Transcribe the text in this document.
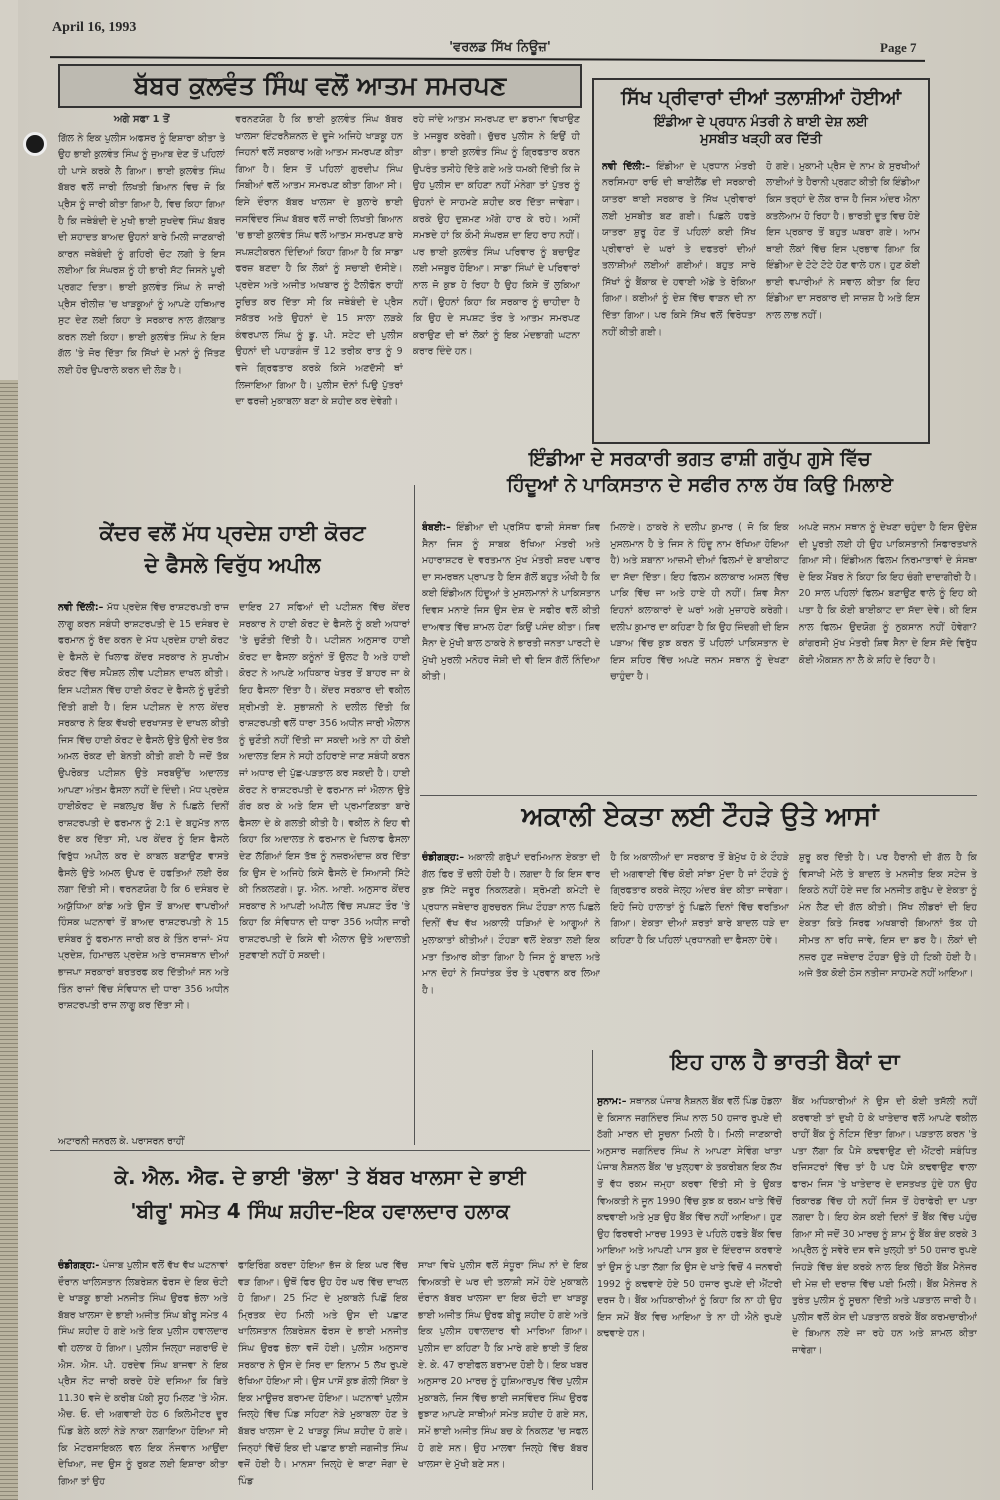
April 16, 1993
'ਵਰਲਡ ਸਿੱਖ ਨਿਊਜ਼'	Page 7
ਬੱਬਰ ਕੁਲਵੰਤ ਸਿੰਘ ਵਲੋਂ ਆਤਮ ਸਮਰਪਣ
ਅਗੇ ਸਫਾ 1 ਤੋਂ
ਗਿੱਲ ਨੇ ਇਕ ਪੁਲੀਸ ਅਫਸਰ ਨੂੰ ਇਸ਼ਾਰਾ ਕੀਤਾ ਤੇ ਉਹ ਭਾਈ ਕੁਲਵੰਤ ਸਿੰਘ ਨੂੰ ਜੁਆਬ ਦੇਣ ਤੋਂ ਪਹਿਲਾਂ ਹੀ ਪਾਸੇ ਕਰਕੇ ਲੈ ਗਿਆ। ਭਾਈ ਕੁਲਵੰਤ ਸਿੰਘ ਬੱਬਰ ਵਲੋਂ ਜਾਰੀ ਲਿਖਤੀ ਬਿਆਨ ਵਿਚ ਜੋ ਕਿ ਪ੍ਰੈਸ ਨੂੰ ਜਾਰੀ ਕੀਤਾ ਗਿਆ ਹੈ, ਵਿਚ ਕਿਹਾ ਗਿਆ ਹੈ ਕਿ ਜਥੇਬੰਦੀ ਦੇ ਮੁਖੀ ਭਾਈ ਸੁਖਦੇਵ ਸਿੰਘ ਬੱਬਰ ਦੀ ਸ਼ਹਾਦਤ ਬਾਅਦ ਉਹਨਾਂ ਬਾਰੇ ਮਿਲੀ ਜਾਣਕਾਰੀ ਕਾਰਨ ਜਥੇਬੰਦੀ ਨੂੰ ਗਹਿਰੀ ਚੋਟ ਲਗੀ ਤੇ ਇਸ ਲਈਆ ਕਿ ਸੰਘਰਸ਼ ਨੂੰ ਹੀ ਭਾਰੀ ਸੱਟ ਜਿਸਨੇ ਪੂਰੀ ਪ੍ਰਗਟ ਦਿਤਾ। ਭਾਈ ਕੁਲਵੰਤ ਸਿੰਘ ਨੇ ਜਾਰੀ ਪ੍ਰੈਸ ਰੀਲੀਜ਼ 'ਚ ਖਾੜਕੂਆਂ ਨੂੰ ਆਪਣੇ ਹਥਿਆਰ ਸੁਟ ਦੇਣ ਲਈ ਕਿਹਾ ਤੇ ਸਰਕਾਰ ਨਾਲ ਗੱਲਬਾਤ ਕਰਨ ਲਈ ਕਿਹਾ। ਭਾਈ ਕੁਲਵੰਤ ਸਿੰਘ ਨੇ ਇਸ ਗੱਲ 'ਤੇ ਜੋਰ ਦਿੱਤਾ ਕਿ ਸਿੱਖਾਂ ਦੇ ਮਨਾਂ ਨੂੰ ਜਿੱਤਣ ਲਈ ਹੋਰ ਉਪਰਾਲੇ ਕਰਨ ਦੀ ਲੋੜ ਹੈ।
ਵਰਨਣਯੋਗ ਹੈ ਕਿ ਭਾਈ ਕੁਲਵੰਤ ਸਿੰਘ ਬੱਬਰ ਖਾਲਸਾ ਇੰਟਰਨੈਸ਼ਨਲ ਦੇ ਦੂਜੇ ਅਜਿਹੇ ਖਾੜਕੂ ਹਨ ਜਿਹਨਾਂ ਵਲੋਂ ਸਰਕਾਰ ਅਗੇ ਆਤਮ ਸਮਰਪਣ ਕੀਤਾ ਗਿਆ ਹੈ। ਇਸ ਤੋਂ ਪਹਿਲਾਂ ਗੁਰਦੀਪ ਸਿੰਘ ਸਿਬੀਆਂ ਵਲੋਂ ਆਤਮ ਸਮਰਪਣ ਕੀਤਾ ਗਿਆ ਸੀ। ਇਸੇ ਦੌਰਾਨ ਬੱਬਰ ਖਾਲਸਾ ਦੇ ਬੁਲਾਰੇ ਭਾਈ ਜਸਵਿੰਦਰ ਸਿੰਘ ਬੱਬਰ ਵਲੋਂ ਜਾਰੀ ਲਿਖਤੀ ਬਿਆਨ 'ਚ ਭਾਈ ਕੁਲਵੰਤ ਸਿੰਘ ਵਲੋਂ ਆਤਮ ਸਮਰਪਣ ਬਾਰੇ ਸਪਸ਼ਟੀਕਰਨ ਦਿੰਦਿਆਂ ਕਿਹਾ ਗਿਆ ਹੈ ਕਿ ਸਾਡਾ ਫਰਜ਼ ਬਣਦਾ ਹੈ ਕਿ ਲੋਕਾਂ ਨੂੰ ਸਚਾਈ ਦੱਸੀਏ। ਪ੍ਰਦੇਸ ਅਤੇ ਅਜੀਤ ਅਖਬਾਰ ਨੂੰ ਟੈਲੀਫੋਨ ਰਾਹੀਂ ਸੂਚਿਤ ਕਰ ਦਿੱਤਾ ਸੀ ਕਿ ਜਥੇਬੰਦੀ ਦੇ ਪ੍ਰੈਸ ਸਕੱਤਰ ਅਤੇ ਉਹਨਾਂ ਦੇ 15 ਸਾਲਾ ਲੜਕੇ ਕੰਵਰਪਾਲ ਸਿੰਘ ਨੂੰ ਡੂ. ਪੀ. ਸਟੇਟ ਦੀ ਪੁਲੀਸ ਉਹਨਾਂ ਦੀ ਪਹਾੜਗੰਜ ਤੋਂ 12 ਤਰੀਕ ਰਾਤ ਨੂੰ 9 ਵਜੇ ਗ੍ਰਿਫਤਾਰ ਕਰਕੇ ਕਿਸੇ ਅਣਦੱਸੀ ਥਾਂ ਲਿਜਾਇਆ ਗਿਆ ਹੈ। ਪੁਲੀਸ ਦੋਨਾਂ ਪਿਉ ਪੁੱਤਰਾਂ ਦਾ ਫਰਜ਼ੀ ਮੁਕਾਬਲਾ ਬਣਾ ਕੇ ਸ਼ਹੀਦ ਕਰ ਦੇਵੇਗੀ।
ਰਹੇ ਜਾਂਦੇ ਆਤਮ ਸਮਰਪਣ ਦਾ ਡਰਾਮਾ ਵਿਖਾਉਣ ਤੇ ਮਜਬੂਰ ਕਰੇਗੀ। ਚੁੱਚਰ ਪੁਲੀਸ ਨੇ ਇਉਂ ਹੀ ਕੀਤਾ। ਭਾਈ ਕੁਲਵੰਤ ਸਿੰਘ ਨੂੰ ਗ੍ਰਿਫਤਾਰ ਕਰਨ ਉਪਰੰਤ ਤਸੀਹੇ ਦਿੱਤੇ ਗਏ ਅਤੇ ਧਮਕੀ ਦਿੱਤੀ ਕਿ ਜੇ ਉਹ ਪੁਲੀਸ ਦਾ ਕਹਿਣਾ ਨਹੀਂ ਮੰਨੇਗਾ ਤਾਂ ਪੁੱਤਰ ਨੂੰ ਉਹਨਾਂ ਦੇ ਸਾਹਮਣੇ ਸ਼ਹੀਦ ਕਰ ਦਿੱਤਾ ਜਾਵੇਗਾ। ਕਰਕੇ ਉਹ ਦੁਸ਼ਮਣ ਅੱਗੇ ਹਾਰ ਕੇ ਰਹੇ। ਅਸੀਂ ਸਮਝਦੇ ਹਾਂ ਕਿ ਕੌਮੀ ਸੰਘਰਸ਼ ਦਾ ਇਹ ਰਾਹ ਨਹੀਂ। ਪਰ ਭਾਈ ਕੁਲਵੰਤ ਸਿੰਘ ਪਰਿਵਾਰ ਨੂੰ ਬਚਾਉਣ ਲਈ ਮਜਬੂਰ ਹੋਇਆ। ਸਾਡਾ ਸਿੰਘਾਂ ਦੇ ਪਰਿਵਾਰਾਂ ਨਾਲ ਜੋ ਕੁਝ ਹੋ ਰਿਹਾ ਹੈ ਉਹ ਕਿਸੇ ਤੋਂ ਲੁਕਿਆ ਨਹੀਂ। ਉਹਨਾਂ ਕਿਹਾ ਕਿ ਸਰਕਾਰ ਨੂੰ ਚਾਹੀਦਾ ਹੈ ਕਿ ਉਹ ਦੇ ਸਪਸ਼ਟ ਤੌਰ ਤੇ ਆਤਮ ਸਮਰਪਣ ਕਰਾਉਣ ਦੀ ਥਾਂ ਲੋਕਾਂ ਨੂੰ ਇਕ ਮੰਦਭਾਗੀ ਘਟਨਾ ਕਰਾਰ ਦਿੰਦੇ ਹਨ।
ਸਿੱਖ ਪ੍ਰੀਵਾਰਾਂ ਦੀਆਂ ਤਲਾਸ਼ੀਆਂ ਹੋਈਆਂ
ਇੰਡੀਆ ਦੇ ਪ੍ਰਧਾਨ ਮੰਤਰੀ ਨੇ ਥਾਈ ਦੇਸ਼ ਲਈ
ਮੁਸਬੀਤ ਖੜ੍ਹੀ ਕਰ ਦਿੱਤੀ
ਨਵੀ ਦਿੱਲੀ:– ਇੰਡੀਆ ਦੇ ਪ੍ਰਧਾਨ ਮੰਤਰੀ ਨਰਸਿਮਹਾ ਰਾਓ ਦੀ ਥਾਈਲੈਂਡ ਦੀ ਸਰਕਾਰੀ ਯਾਤਰਾ ਥਾਈ ਸਰਕਾਰ ਤੇ ਸਿੱਖ ਪ੍ਰੀਵਾਰਾਂ ਲਈ ਮੁਸਬੀਤ ਬਣ ਗਈ। ਪਿਛਲੇ ਹਫਤੇ ਯਾਤਰਾ ਸ਼ੁਰੂ ਹੋਣ ਤੋਂ ਪਹਿਲਾਂ ਕਈ ਸਿੱਖ ਪ੍ਰੀਵਾਰਾਂ ਦੇ ਘਰਾਂ ਤੇ ਦਫਤਰਾਂ ਦੀਆਂ ਤਲਾਸ਼ੀਆਂ ਲਈਆਂ ਗਈਆਂ। ਬਹੁਤ ਸਾਰੇ ਸਿੱਖਾਂ ਨੂੰ ਬੈਂਕਾਕ ਦੇ ਹਵਾਈ ਅੱਡੇ ਤੇ ਰੋਕਿਆ ਗਿਆ। ਕਈਆਂ ਨੂੰ ਦੇਸ਼ ਵਿੱਚ ਵਾੜਨ ਦੀ ਨਾ ਦਿੱਤਾ ਗਿਆ। ਪਰ ਕਿਸੇ ਸਿੱਖ ਵਲੋਂ ਵਿਰੋਧਤਾ ਨਹੀਂ ਕੀਤੀ ਗਈ।
ਹੋ ਗਏ। ਮੁਕਾਮੀ ਪ੍ਰੈਸ ਦੇ ਨਾਮ ਕੇ ਸੁਰਖੀਆਂ ਲਾਈਆਂ ਤੇ ਹੈਰਾਨੀ ਪ੍ਰਗਟ ਕੀਤੀ ਕਿ ਇੰਡੀਆ ਕਿਸ ਤਰ੍ਹਾਂ ਦੇ ਲੋਕ ਰਾਜ ਹੈ ਜਿਸ ਅੰਦਰ ਐਨਾ ਕਤਲੇਆਮ ਹੋ ਰਿਹਾ ਹੈ। ਭਾਰਤੀ ਦੂਤ ਵਿਚ ਹੋਏ ਇਸ ਪ੍ਰਕਾਰ ਤੋਂ ਬਹੁਤ ਘਬਰਾ ਗਏ। ਆਮ ਥਾਈ ਲੋਕਾਂ ਵਿੱਚ ਇਸ ਪ੍ਰਭਾਵ ਗਿਆ ਕਿ ਇੰਡੀਆ ਦੇ ਟੋਟੇ ਟੋਟੇ ਹੋਣ ਵਾਲੇ ਹਨ। ਹੁਣ ਕੋਈ ਭਾਈ ਵਪਾਰੀਆਂ ਨੇ ਸਵਾਲ ਕੀਤਾ ਕਿ ਇਹ ਇੰਡੀਆ ਦਾ ਸਰਕਾਰ ਦੀ ਸਾਜ਼ਸ਼ ਹੈ ਅਤੇ ਇਸ ਨਾਲ ਲਾਭ ਨਹੀਂ।
ਇੰਡੀਆ ਦੇ ਸਰਕਾਰੀ ਭਗਤ ਫਾਸ਼ੀ ਗਰੁੱਪ ਗੁਸੇ ਵਿੱਚ
ਹਿੰਦੂਆਂ ਨੇ ਪਾਕਿਸਤਾਨ ਦੇ ਸਫੀਰ ਨਾਲ ਹੱਥ ਕਿਉ ਮਿਲਾਏ
ਬੰਬਈ:– ਇੰਡੀਆ ਦੀ ਪ੍ਰਸਿੱਧ ਫਾਸ਼ੀ ਸੰਸਥਾ ਸ਼ਿਵ ਸੈਨਾ ਜਿਸ ਨੂੰ ਸਾਬਕ ਰੱਖਿਆ ਮੰਤਰੀ ਅਤੇ ਮਹਾਰਾਸ਼ਟਰ ਦੇ ਵਰਤਮਾਨ ਮੁੱਖ ਮੰਤਰੀ ਸ਼ਰਦ ਪਵਾਰ ਦਾ ਸਮਰਥਨ ਪ੍ਰਾਪਤ ਹੈ ਇਸ ਗੱਲੋਂ ਬਹੁਤ ਔਖੀ ਹੈ ਕਿ ਕਈ ਇੰਡੀਅਨ ਹਿੰਦੂਆਂ ਤੇ ਮੁਸਲਮਾਨਾਂ ਨੇ ਪਾਕਿਸਤਾਨ ਦਿਵਸ ਮਨਾਏ ਜਿਸ ਉਸ ਦੇਸ਼ ਦੇ ਸਫੀਰ ਵਲੋਂ ਕੀਤੀ ਦਾਅਵਤ ਵਿੱਚ ਸ਼ਾਮਲ ਹੋਣਾ ਕਿਉਂ ਪਸੰਦ ਕੀਤਾ। ਸ਼ਿਵ ਸੈਨਾ ਦੇ ਮੁੱਖੀ ਬਾਲ ਠਾਕਰੇ ਨੇ ਭਾਰਤੀ ਜਨਤਾ ਪਾਰਟੀ ਦੇ ਮੁੱਖੀ ਮੁਰਲੀ ਮਨੋਹਰ ਜੋਸ਼ੀ ਦੀ ਵੀ ਇਸ ਗੱਲੋਂ ਨਿੰਦਿਆ ਕੀਤੀ।
ਮਿਲਾਏ। ਠਾਕਰੇ ਨੇ ਦਲੀਪ ਕੁਮਾਰ ( ਜੋ ਕਿ ਇਕ ਮੁਸਲਮਾਨ ਹੈ ਤੇ ਜਿਸ ਨੇ ਹਿੰਦੂ ਨਾਮ ਰੱਖਿਆ ਹੋਇਆ ਹੈ) ਅਤੇ ਸ਼ਬਾਨਾ ਆਜ਼ਮੀ ਦੀਆਂ ਫਿਲਮਾਂ ਦੇ ਬਾਈਕਾਟ ਦਾ ਸੱਦਾ ਦਿੱਤਾ। ਇਹ ਫਿਲਮ ਕਲਾਕਾਰ ਅਸਲ ਵਿੱਚ ਪਾਕਿ ਵਿੱਚ ਜਾ ਅਤੇ ਹਾਏ ਹੀ ਨਹੀਂ। ਸ਼ਿਵ ਸੈਨਾ ਇਹਨਾਂ ਕਲਾਕਾਰਾਂ ਦੇ ਘਰਾਂ ਅਗੇ ਮੁਜ਼ਾਹਰੇ ਕਰੇਗੀ। ਦਲੀਪ ਕੁਮਾਰ ਦਾ ਕਹਿਣਾ ਹੈ ਕਿ ਉਹ ਜਿੰਦਗੀ ਦੀ ਇਸ ਪੜਾਅ ਵਿੱਚ ਕੁਝ ਕਰਨ ਤੋਂ ਪਹਿਲਾਂ ਪਾਕਿਸਤਾਨ ਦੇ ਇਸ ਸ਼ਹਿਰ ਵਿੱਚ ਅਪਣੇ ਜਨਮ ਸਥਾਨ ਨੂੰ ਦੇਖਣਾ ਚਾਹੁੰਦਾ ਹੈ।
ਅਪਣੇ ਜਨਮ ਸਥਾਨ ਨੂੰ ਦੇਖਣਾ ਚਹੁੰਦਾ ਹੈ ਇਸ ਉਦੇਸ਼ ਦੀ ਪੂਰਤੀ ਲਈ ਹੀ ਉਹ ਪਾਕਿਸਤਾਨੀ ਸਿਫਾਰਤਖਾਨੇ ਗਿਆ ਸੀ। ਇੰਡੀਅਨ ਫਿਲਮ ਨਿਰਮਾਤਾਵਾਂ ਦੇ ਸੰਸਥਾ ਦੇ ਇਕ ਮੈਂਬਰ ਨੇ ਕਿਹਾ ਕਿ ਇਹ ਚੰਗੀ ਦਾਦਾਗੀਰੀ ਹੈ। 20 ਸਾਲ ਪਹਿਲਾਂ ਫਿਲਮ ਬਣਾਉਣ ਵਾਲੇ ਨੂੰ ਇਹ ਕੀ ਪਤਾ ਹੈ ਕਿ ਕੋਈ ਬਾਈਕਾਟ ਦਾ ਸੱਦਾ ਦੇਵੇ। ਕੀ ਇਸ ਨਾਲ ਫਿਲਮ ਉਦਯੋਗ ਨੂੰ ਨੁਕਸਾਨ ਨਹੀਂ ਹੋਵੇਗਾ? ਕਾਂਗਰਸੀ ਮੁੱਖ ਮੰਤਰੀ ਸ਼ਿਵ ਸੈਨਾ ਦੇ ਇਸ ਸੱਦੇ ਵਿਰੁੱਧ ਕੋਈ ਐਕਸ਼ਨ ਨਾ ਲੈ ਕੇ ਸ਼ਹਿ ਦੇ ਰਿਹਾ ਹੈ।
ਕੇਂਦਰ ਵਲੋਂ ਮੱਧ ਪ੍ਰਦੇਸ਼ ਹਾਈ ਕੋਰਟ
ਦੇ ਫੈਸਲੇ ਵਿਰੁੱਧ ਅਪੀਲ
ਨਵੀ ਦਿੱਲੀ:– ਮੱਧ ਪ੍ਰਦੇਸ਼ ਵਿੱਚ ਰਾਸ਼ਟਰਪਤੀ ਰਾਜ ਲਾਗੂ ਕਰਨ ਸਬੰਧੀ ਰਾਸ਼ਟਰਪਤੀ ਦੇ 15 ਦਸੰਬਰ ਦੇ ਫਰਮਾਨ ਨੂੰ ਰੱਦ ਕਰਨ ਦੇ ਮੱਧ ਪ੍ਰਦੇਸ਼ ਹਾਈ ਕੋਰਟ ਦੇ ਫੈਸਲੇ ਦੇ ਖਿਲਾਫ ਕੇਂਦਰ ਸਰਕਾਰ ਨੇ ਸੁਪਰੀਮ ਕੋਰਟ ਵਿੱਚ ਸਪੈਸ਼ਲ ਲੀਵ ਪਟੀਸ਼ਨ ਦਾਖਲ ਕੀਤੀ। ਇਸ ਪਟੀਸ਼ਨ ਵਿੱਚ ਹਾਈ ਕੋਰਟ ਦੇ ਫੈਸਲੇ ਨੂੰ ਚੁਣੌਤੀ ਦਿੱਤੀ ਗਈ ਹੈ। ਇਸ ਪਟੀਸ਼ਨ ਦੇ ਨਾਲ ਕੇਂਦਰ ਸਰਕਾਰ ਨੇ ਇਕ ਵੱਖਰੀ ਦਰਖਾਸਤ ਦੇ ਦਾਖਲ ਕੀਤੀ ਜਿਸ ਵਿੱਚ ਹਾਈ ਕੋਰਟ ਦੇ ਫੈਸਲੇ ਉਤੇ ਉਨੀ ਦੇਰ ਤੱਕ ਅਮਲ ਰੋਕਣ ਦੀ ਬੇਨਤੀ ਕੀਤੀ ਗਈ ਹੈ ਜਦੋਂ ਤੱਕ ਉਪਰੋਕਤ ਪਟੀਸ਼ਨ ਉਤੇ ਸਰਬਉੱਚ ਅਦਾਲਤ ਆਪਣਾ ਅੰਤਮ ਫੈਸਲਾ ਨਹੀਂ ਦੇ ਦਿੰਦੀ। ਮੱਧ ਪ੍ਰਦੇਸ਼ ਹਾਈਕੋਰਟ ਦੇ ਜਬਲਪੁਰ ਬੈਂਚ ਨੇ ਪਿਛਲੇ ਦਿਨੀਂ ਰਾਸ਼ਟਰਪਤੀ ਦੇ ਫਰਮਾਨ ਨੂੰ 2:1 ਦੇ ਬਹੁਮੱਤ ਨਾਲ ਰੱਦ ਕਰ ਦਿੱਤਾ ਸੀ, ਪਰ ਕੇਂਦਰ ਨੂੰ ਇਸ ਫੈਸਲੇ ਵਿਰੁੱਧ ਅਪੀਲ ਕਰ ਦੇ ਕਾਬਲ ਬਣਾਉਣ ਵਾਸਤੇ ਫੈਸਲੇ ਉਤੇ ਅਮਲ ਉਪਰ ਦੋ ਹਫਤਿਆਂ ਲਈ ਰੋਕ ਲਗਾ ਦਿੱਤੀ ਸੀ। ਵਰਨਣਯੋਗ ਹੈ ਕਿ 6 ਦਸੰਬਰ ਦੇ ਅਯੁੱਧਿਆ ਕਾਂਡ ਅਤੇ ਉਸ ਤੋਂ ਬਾਅਦ ਵਾਪਰੀਆਂ ਹਿੰਸਕ ਘਟਨਾਵਾਂ ਤੋਂ ਬਾਅਦ ਰਾਸ਼ਟਰਪਤੀ ਨੇ 15 ਦਸੰਬਰ ਨੂੰ ਫਰਮਾਨ ਜਾਰੀ ਕਰ ਕੇ ਤਿੰਨ ਰਾਜਾਂ- ਮੱਧ ਪ੍ਰਦੇਸ਼, ਹਿਮਾਚਲ ਪ੍ਰਦੇਸ਼ ਅਤੇ ਰਾਜਸਥਾਨ ਦੀਆਂ ਭਾਜਪਾ ਸਰਕਾਰਾਂ ਬਰਤਰਫ ਕਰ ਦਿੱਤੀਆਂ ਸਨ ਅਤੇ ਤਿੰਨ ਰਾਜਾਂ ਵਿੱਚ ਸੰਵਿਧਾਨ ਦੀ ਧਾਰਾ 356 ਅਧੀਨ ਰਾਸ਼ਟਰਪਤੀ ਰਾਜ ਲਾਗੂ ਕਰ ਦਿੱਤਾ ਸੀ।
ਦਾਇਰ 27 ਸਫਿਆਂ ਦੀ ਪਟੀਸ਼ਨ ਵਿੱਚ ਕੇਂਦਰ ਸਰਕਾਰ ਨੇ ਹਾਈ ਕੋਰਟ ਦੇ ਫੈਸਲੇ ਨੂੰ ਕਈ ਅਧਾਰਾਂ 'ਤੇ ਚੁਣੌਤੀ ਦਿੱਤੀ ਹੈ। ਪਟੀਸ਼ਨ ਅਨੁਸਾਰ ਹਾਈ ਕੋਰਟ ਦਾ ਫੈਸਲਾ ਕਨੂੰਨਾਂ ਤੋਂ ਉਲਟ ਹੈ ਅਤੇ ਹਾਈ ਕੋਰਟ ਨੇ ਆਪਣੇ ਅਧਿਕਾਰ ਖੇਤਰ ਤੋਂ ਬਾਹਰ ਜਾ ਕੇ ਇਹ ਫੈਸਲਾ ਦਿੱਤਾ ਹੈ। ਕੇਂਦਰ ਸਰਕਾਰ ਦੀ ਵਕੀਲ ਸ਼੍ਰੀਮਤੀ ਏ. ਸੁਭਾਸ਼ਨੀ ਨੇ ਦਲੀਲ ਦਿੱਤੀ ਕਿ ਰਾਸ਼ਟਰਪਤੀ ਵਲੋਂ ਧਾਰਾ 356 ਅਧੀਨ ਜਾਰੀ ਐਲਾਨ ਨੂੰ ਚੁਣੌਤੀ ਨਹੀਂ ਦਿੱਤੀ ਜਾ ਸਕਦੀ ਅਤੇ ਨਾ ਹੀ ਕੋਈ ਅਦਾਲਤ ਇਸ ਨੇ ਸਹੀ ਠਹਿਰਾਏ ਜਾਣ ਸਬੰਧੀ ਕਰਨ ਜਾਂ ਅਧਾਰ ਦੀ ਪੁੱਛ-ਪੜਤਾਲ ਕਰ ਸਕਦੀ ਹੈ। ਹਾਈ ਕੋਰਟ ਨੇ ਰਾਸ਼ਟਰਪਤੀ ਦੇ ਫਰਮਾਨ ਜਾਂ ਐਲਾਨ ਉਤੇ ਗੌਰ ਕਰ ਕੇ ਅਤੇ ਇਸ ਦੀ ਪ੍ਰਮਾਣਿਕਤਾ ਬਾਰੇ ਫੈਸਲਾ ਦੇ ਕੇ ਗਲਤੀ ਕੀਤੀ ਹੈ। ਵਕੀਲ ਨੇ ਇਹ ਵੀ ਕਿਹਾ ਕਿ ਅਦਾਲਤ ਨੇ ਫਰਮਾਨ ਦੇ ਖਿਲਾਫ ਫੈਸਲਾ ਦੇਣ ਲੱਗਿਆਂ ਇਸ ਤੱਥ ਨੂੰ ਨਜ਼ਰਅੰਦਾਜ਼ ਕਰ ਦਿੱਤਾ ਕਿ ਉਸ ਦੇ ਅਜਿਹੇ ਕਿਸੇ ਫੈਸਲੇ ਦੇ ਸਿਆਸੀ ਸਿੱਟੇ ਕੀ ਨਿਕਲਣਗੇ। ਯੂ. ਐਨ. ਆਈ. ਅਨੁਸਾਰ ਕੇਂਦਰ ਸਰਕਾਰ ਨੇ ਆਪਣੀ ਅਪੀਲ ਵਿੱਚ ਸਪਸ਼ਟ ਤੌਰ 'ਤੇ ਕਿਹਾ ਕਿ ਸੰਵਿਧਾਨ ਦੀ ਧਾਰਾ 356 ਅਧੀਨ ਜਾਰੀ ਰਾਸ਼ਟਰਪਤੀ ਦੇ ਕਿਸੇ ਵੀ ਐਲਾਨ ਉਤੇ ਅਦਾਲਤੀ ਸੁਣਵਾਈ ਨਹੀਂ ਹੋ ਸਕਦੀ।
ਅਟਾਰਨੀ ਜਨਰਲ ਕੇ. ਪਰਾਸਰਨ ਰਾਹੀਂ
ਅਕਾਲੀ ਏਕਤਾ ਲਈ ਟੌਹੜੇ ਉਤੇ ਆਸਾਂ
ਚੰਡੀਗੜ੍ਹ:– ਅਕਾਲੀ ਗਰੁੱਪਾਂ ਦਰਮਿਆਨ ਏਕਤਾ ਦੀ ਗੱਲ ਫਿਰ ਤੋਂ ਚਲੀ ਹੋਈ ਹੈ। ਲਗਦਾ ਹੈ ਕਿ ਇਸ ਵਾਰ ਕੁਝ ਸਿੱਟੇ ਜਰੂਰ ਨਿਕਲਣਗੇ। ਸ਼੍ਰੋਮਣੀ ਕਮੇਟੀ ਦੇ ਪ੍ਰਧਾਨ ਜਥੇਦਾਰ ਗੁਰਚਰਨ ਸਿੰਘ ਟੌਹੜਾ ਨਾਲ ਪਿਛਲੇ ਦਿਨੀਂ ਵੱਖ ਵੱਖ ਅਕਾਲੀ ਧੜਿਆਂ ਦੇ ਆਗੂਆਂ ਨੇ ਮੁਲਾਕਾਤਾਂ ਕੀਤੀਆਂ। ਟੌਹੜਾ ਵਲੋਂ ਏਕਤਾ ਲਈ ਇਕ ਮਤਾ ਤਿਆਰ ਕੀਤਾ ਗਿਆ ਹੈ ਜਿਸ ਨੂੰ ਬਾਦਲ ਅਤੇ ਮਾਨ ਦੋਹਾਂ ਨੇ ਸਿਧਾਂਤਕ ਤੌਰ ਤੇ ਪ੍ਰਵਾਨ ਕਰ ਲਿਆ ਹੈ।
ਹੈ ਕਿ ਅਕਾਲੀਆਂ ਦਾ ਸਰਕਾਰ ਤੋਂ ਬੇਮੁੱਖ ਹੋ ਕੇ ਟੌਹੜੇ ਦੀ ਅਗਵਾਈ ਵਿੱਚ ਕੋਈ ਸਾਂਝਾ ਮੁੱਦਾ ਹੈ ਜਾਂ ਟੌਹੜੇ ਨੂੰ ਗ੍ਰਿਫਤਾਰ ਕਰਕੇ ਜੇਲ੍ਹ ਅੰਦਰ ਬੰਦ ਕੀਤਾ ਜਾਵੇਗਾ। ਇਹੋ ਜਿਹੇ ਹਾਲਾਤਾਂ ਨੂੰ ਪਿਛਲੇ ਦਿਨਾਂ ਵਿੱਚ ਵਰਤਿਆ ਗਿਆ। ਏਕਤਾ ਦੀਆਂ ਸ਼ਰਤਾਂ ਬਾਰੇ ਬਾਦਲ ਧੜੇ ਦਾ ਕਹਿਣਾ ਹੈ ਕਿ ਪਹਿਲਾਂ ਪ੍ਰਧਾਨਗੀ ਦਾ ਫੈਸਲਾ ਹੋਵੇ।
ਸ਼ੁਰੂ ਕਰ ਦਿੱਤੀ ਹੈ। ਪਰ ਹੈਰਾਨੀ ਦੀ ਗੱਲ ਹੈ ਕਿ ਵਿਸਾਖੀ ਮੇਲੇ ਤੇ ਬਾਦਲ ਤੇ ਮਨਜੀਤ ਇਕ ਸਟੇਜ ਤੇ ਇਕਠੇ ਨਹੀਂ ਹੋਏ ਜਦ ਕਿ ਮਨਜੀਤ ਗਰੁੱਪ ਦੇ ਏਕਤਾ ਨੂੰ ਮੰਨ ਲੈਣ ਦੀ ਗੱਲ ਕੀਤੀ। ਸਿੱਖ ਲੀਡਰਾਂ ਦੀ ਇਹ ਏਕਤਾ ਕਿਤੇ ਸਿਰਫ ਅਖਬਾਰੀ ਬਿਆਨਾਂ ਤੱਕ ਹੀ ਸੀਮਤ ਨਾ ਰਹਿ ਜਾਵੇ, ਇਸ ਦਾ ਡਰ ਹੈ। ਲੋਕਾਂ ਦੀ ਨਜ਼ਰ ਹੁਣ ਜਥੇਦਾਰ ਟੌਹੜਾ ਉਤੇ ਹੀ ਟਿਕੀ ਹੋਈ ਹੈ। ਅਜੇ ਤੱਕ ਕੋਈ ਠੋਸ ਨਤੀਜਾ ਸਾਹਮਣੇ ਨਹੀਂ ਆਇਆ।
ਇਹ ਹਾਲ ਹੈ ਭਾਰਤੀ ਬੈਕਾਂ ਦਾ
ਸੁਨਾਮ:– ਸਥਾਨਕ ਪੰਜਾਬ ਨੈਸ਼ਨਲ ਬੈਂਕ ਵਲੋਂ ਪਿੰਡ ਹੋਡਲਾ ਦੇ ਕਿਸਾਨ ਜਗਨਿੰਦਰ ਸਿੰਘ ਨਾਲ 50 ਹਜਾਰ ਰੁਪਏ ਦੀ ਠੱਗੀ ਮਾਰਨ ਦੀ ਸੂਚਨਾ ਮਿਲੀ ਹੈ। ਮਿਲੀ ਜਾਣਕਾਰੀ ਅਨੁਸਾਰ ਜਗਨਿੰਦਰ ਸਿੰਘ ਨੇ ਆਪਣਾ ਸੇਵਿੰਗ ਖਾਤਾ ਪੰਜਾਬ ਨੈਸ਼ਨਲ ਬੈਂਕ 'ਚ ਖੁਲ੍ਹਵਾ ਕੇ ਤਕਰੀਬਨ ਇਕ ਲੱਖ ਤੋਂ ਵੱਧ ਰਕਮ ਜਮ੍ਹਾ ਕਰਵਾ ਦਿੱਤੀ ਸੀ ਤੇ ਉਕਤ ਵਿਅਕਤੀ ਨੇ ਜੂਨ 1990 ਵਿੱਚ ਕੁਝ ਕ ਰਕਮ ਖਾਤੇ ਵਿੱਚੋਂ ਕਢਵਾਈ ਅਤੇ ਮੁੜ ਉਹ ਬੈਂਕ ਵਿੱਚ ਨਹੀਂ ਆਇਆ। ਹੁਣ ਉਹ ਫਿਰਵਰੀ ਮਾਰਚ 1993 ਦੇ ਪਹਿਲੇ ਹਫਤੇ ਬੈਂਕ ਵਿਚ ਆਇਆ ਅਤੇ ਆਪਣੀ ਪਾਸ ਬੁਕ ਦੇ ਇੰਦਰਾਜ ਕਰਵਾਏ ਤਾਂ ਉਸ ਨੂੰ ਪਤਾ ਲੱਗਾ ਕਿ ਉਸ ਦੇ ਖਾਤੇ ਵਿਚੋਂ 4 ਜਨਵਰੀ 1992 ਨੂੰ ਕਢਵਾਏ ਹੋਏ 50 ਹਜਾਰ ਰੁਪਏ ਦੀ ਐਂਟਰੀ ਦਰਜ ਹੈ। ਬੈਂਕ ਅਧਿਕਾਰੀਆਂ ਨੂੰ ਕਿਹਾ ਕਿ ਨਾ ਹੀ ਉਹ ਇਸ ਸਮੇਂ ਬੈਂਕ ਵਿਚ ਆਇਆ ਤੇ ਨਾ ਹੀ ਐਨੇ ਰੁਪਏ ਕਢਵਾਏ ਹਨ।
ਬੈਂਕ ਅਧਿਕਾਰੀਆਂ ਨੇ ਉਸ ਦੀ ਕੋਈ ਤਸੱਲੀ ਨਹੀਂ ਕਰਵਾਈ ਤਾਂ ਦੁਖੀ ਹੋ ਕੇ ਖਾਤੇਦਾਰ ਵਲੋਂ ਆਪਣੇ ਵਕੀਲ ਰਾਹੀਂ ਬੈਂਕ ਨੂੰ ਨੋਟਿਸ ਦਿੱਤਾ ਗਿਆ। ਪੜਤਾਲ ਕਰਨ 'ਤੇ ਪਤਾ ਲੱਗਾ ਕਿ ਪੈਸੇ ਕਢਵਾਉਣ ਦੀ ਐਂਟਰੀ ਸਬੰਧਿਤ ਰਜਿਸਟਰਾਂ ਵਿੱਚ ਤਾਂ ਹੈ ਪਰ ਪੈਸੇ ਕਢਵਾਉਣ ਵਾਲਾ ਫਾਰਮ ਜਿਸ 'ਤੇ ਖਾਤੇਦਾਰ ਦੇ ਦਸਤਖਤ ਹੁੰਦੇ ਹਨ ਉਹ ਰਿਕਾਰਡ ਵਿੱਚ ਹੀ ਨਹੀਂ ਜਿਸ ਤੋਂ ਹੇਰਾਫੇਰੀ ਦਾ ਪਤਾ ਲਗਦਾ ਹੈ। ਇਹ ਕੇਸ ਕਈ ਦਿਨਾਂ ਤੋਂ ਬੈਂਕ ਵਿੱਚ ਪਹੁੰਚ ਗਿਆ ਸੀ ਜਦੋਂ 30 ਮਾਰਚ ਨੂੰ ਸ਼ਾਮ ਨੂੰ ਬੈਂਕ ਬੰਦ ਕਰਕੇ 3 ਅਪ੍ਰੈਲ ਨੂੰ ਸਵੇਰੇ ਦਸ ਵਜੇ ਖੁਲ੍ਹੀ ਤਾਂ 50 ਹਜਾਰ ਰੁਪਏ ਜਿਹੜੇ ਵਿੱਚ ਬੰਦ ਕਰਕੇ ਨਾਲ ਇਕ ਚਿੱਠੀ ਬੈਂਕ ਮੈਨੇਜਰ ਦੀ ਮੇਜ਼ ਦੀ ਦਰਾਜ਼ ਵਿੱਚ ਪਈ ਮਿਲੀ। ਬੈਂਕ ਮੈਨੇਜਰ ਨੇ ਤੁਰੰਤ ਪੁਲੀਸ ਨੂੰ ਸੂਚਨਾ ਦਿੱਤੀ ਅਤੇ ਪੜਤਾਲ ਜਾਰੀ ਹੈ। ਪੁਲੀਸ ਵਲੋਂ ਕੇਸ ਦੀ ਪੜਤਾਲ ਕਰਕੇ ਬੈਂਕ ਕਰਮਚਾਰੀਆਂ ਦੇ ਬਿਆਨ ਲਏ ਜਾ ਰਹੇ ਹਨ ਅਤੇ ਸ਼ਾਮਲ ਕੀਤਾ ਜਾਵੇਗਾ।
ਕੇ. ਐਲ. ਐਫ. ਦੇ ਭਾਈ 'ਭੋਲਾ' ਤੇ ਬੱਬਰ ਖਾਲਸਾ ਦੇ ਭਾਈ
'ਬੀਰੂ' ਸਮੇਤ 4 ਸਿੰਘ ਸ਼ਹੀਦ–ਇਕ ਹਵਾਲਦਾਰ ਹਲਾਕ
ਚੰਡੀਗੜ੍ਹ:- ਪੰਜਾਬ ਪੁਲੀਸ ਵਲੋਂ ਵੱਖ ਵੱਖ ਘਟਨਾਵਾਂ ਦੌਰਾਨ ਖਾਲਿਸਤਾਨ ਲਿਬਰੇਸ਼ਨ ਫੋਰਸ ਦੇ ਇਕ ਚੋਟੀ ਦੇ ਖਾੜਕੂ ਭਾਈ ਮਨਜੀਤ ਸਿੰਘ ਉਰਫ ਭੋਲਾ ਅਤੇ ਬੱਬਰ ਖਾਲਸਾ ਦੇ ਭਾਈ ਅਜੀਤ ਸਿੰਘ ਬੀਰੂ ਸਮੇਤ 4 ਸਿੰਘ ਸ਼ਹੀਦ ਹੋ ਗਏ ਅਤੇ ਇਕ ਪੁਲੀਸ ਹਵਾਲਦਾਰ ਵੀ ਹਲਾਕ ਹੋ ਗਿਆ। ਪੁਲੀਸ ਜਿਲ੍ਹਾ ਜਗਰਾਓਂ ਦੇ ਐਸ. ਐਸ. ਪੀ. ਹਰਦੇਵ ਸਿੰਘ ਬਾਜਵਾ ਨੇ ਇਕ ਪ੍ਰੈਸ ਨੋਟ ਜਾਰੀ ਕਰਦੇ ਹੋਏ ਦਸਿਆ ਕਿ ਬਿਤੇ 11.30 ਵਜੇ ਦੇ ਕਰੀਬ ਪੱਕੀ ਸੂਹ ਮਿਲਣ 'ਤੇ ਐਸ. ਐਚ. ਓ. ਦੀ ਅਗਵਾਈ ਹੇਠ 6 ਕਿਲੋਮੀਟਰ ਦੂਰ ਪਿੰਡ ਬੇਲੇ ਕਲਾਂ ਨੇੜੇ ਨਾਕਾ ਲਗਾਇਆ ਹੋਇਆ ਸੀ ਕਿ ਮੋਟਰਸਾਇਕਲ ਵਲ ਇਕ ਨੌਜਵਾਨ ਆਉਂਦਾ ਦੇਖਿਆ, ਜਦ ਉਸ ਨੂੰ ਰੁਕਣ ਲਈ ਇਸ਼ਾਰਾ ਕੀਤਾ ਗਿਆ ਤਾਂ ਉਹ
ਫਾਇਰਿੰਗ ਕਰਦਾ ਹੋਇਆ ਭੱਜ ਕੇ ਇਕ ਘਰ ਵਿੱਚ ਵੜ ਗਿਆ। ਉਥੋਂ ਫਿਰ ਉਹ ਹੋਰ ਘਰ ਵਿੱਚ ਦਾਖਲ ਹੋ ਗਿਆ। 25 ਮਿੰਟ ਦੇ ਮੁਕਾਬਲੇ ਪਿਛੋਂ ਇਕ ਮ੍ਰਿਤਕ ਦੇਹ ਮਿਲੀ ਅਤੇ ਉਸ ਦੀ ਪਛਾਣ ਖਾਲਿਸਤਾਨ ਲਿਬਰੇਸ਼ਨ ਫੋਰਸ ਦੇ ਭਾਈ ਮਨਜੀਤ ਸਿੰਘ ਉਰਫ ਭੋਲਾ ਵਜੋਂ ਹੋਈ। ਪੁਲੀਸ ਅਨੁਸਾਰ ਸਰਕਾਰ ਨੇ ਉਸ ਦੇ ਸਿਰ ਦਾ ਇਨਾਮ 5 ਲੱਖ ਰੁਪਏ ਰੱਖਿਆ ਹੋਇਆ ਸੀ। ਉਸ ਪਾਸੋਂ ਕੁਝ ਗੋਲੀ ਸਿੱਕਾ ਤੇ ਇਕ ਮਾਊਜ਼ਰ ਬਰਾਮਦ ਹੋਇਆ। ਘਟਨਾਵਾਂ ਪੁਲੀਸ ਜਿਲ੍ਹੇ ਵਿੱਚ ਪਿੰਡ ਸਹਿਣਾ ਨੇੜੇ ਮੁਕਾਬਲਾ ਹੋਣ ਤੇ ਬੱਬਰ ਖਾਲਸਾ ਦੇ 2 ਖਾੜਕੂ ਸਿੰਘ ਸ਼ਹੀਦ ਹੋ ਗਏ। ਜਿਨ੍ਹਾਂ ਵਿੱਚੋਂ ਇਕ ਦੀ ਪਛਾਣ ਭਾਈ ਜਗਜੀਤ ਸਿੰਘ ਵਜੋਂ ਹੋਈ ਹੈ। ਮਾਨਸਾ ਜਿਲ੍ਹੇ ਦੇ ਥਾਣਾ ਜੋਗਾ ਦੇ ਪਿੰਡ
ਸਾਖਾ ਵਿਖੇ ਪੁਲੀਸ ਵਲੋਂ ਸੰਧੂਰਾ ਸਿੰਘ ਨਾਂ ਦੇ ਇਕ ਵਿਅਕਤੀ ਦੇ ਘਰ ਦੀ ਤਲਾਸ਼ੀ ਸਮੇਂ ਹੋਏ ਮੁਕਾਬਲੇ ਦੌਰਾਨ ਬੱਬਰ ਖਾਲਸਾ ਦਾ ਇਕ ਚੋਟੀ ਦਾ ਖਾੜਕੂ ਭਾਈ ਅਜੀਤ ਸਿੰਘ ਉਰਫ ਬੀਰੂ ਸ਼ਹੀਦ ਹੋ ਗਏ ਅਤੇ ਇਕ ਪੁਲੀਸ ਹਵਾਲਦਾਰ ਵੀ ਮਾਰਿਆ ਗਿਆ। ਪੁਲੀਸ ਦਾ ਕਹਿਣਾ ਹੈ ਕਿ ਮਾਰੇ ਗਏ ਭਾਈ ਤੋਂ ਇਕ ਏ. ਕੇ. 47 ਰਾਈਫਲ ਬਰਾਮਦ ਹੋਈ ਹੈ। ਇਕ ਖਬਰ ਅਨੁਸਾਰ 20 ਮਾਰਚ ਨੂੰ ਹੁਸ਼ਿਆਰਪੁਰ ਵਿੱਚ ਪੁਲੀਸ ਮੁਕਾਬਲੇ, ਜਿਸ ਵਿੱਚ ਭਾਈ ਜਸਵਿੰਦਰ ਸਿੰਘ ਉਰਫ ਭੁਝਾਣ ਆਪਣੇ ਸਾਥੀਆਂ ਸਮੇਤ ਸ਼ਹੀਦ ਹੋ ਗਏ ਸਨ, ਸਮੇਂ ਭਾਈ ਅਜੀਤ ਸਿੰਘ ਬਚ ਕੇ ਨਿਕਲਣ 'ਚ ਸਫਲ ਹੋ ਗਏ ਸਨ। ਉਹ ਮਾਲਵਾ ਜਿਲ੍ਹੇ ਵਿੱਚ ਬੱਬਰ ਖਾਲਸਾ ਦੇ ਮੁੱਖੀ ਬਣੇ ਸਨ।
